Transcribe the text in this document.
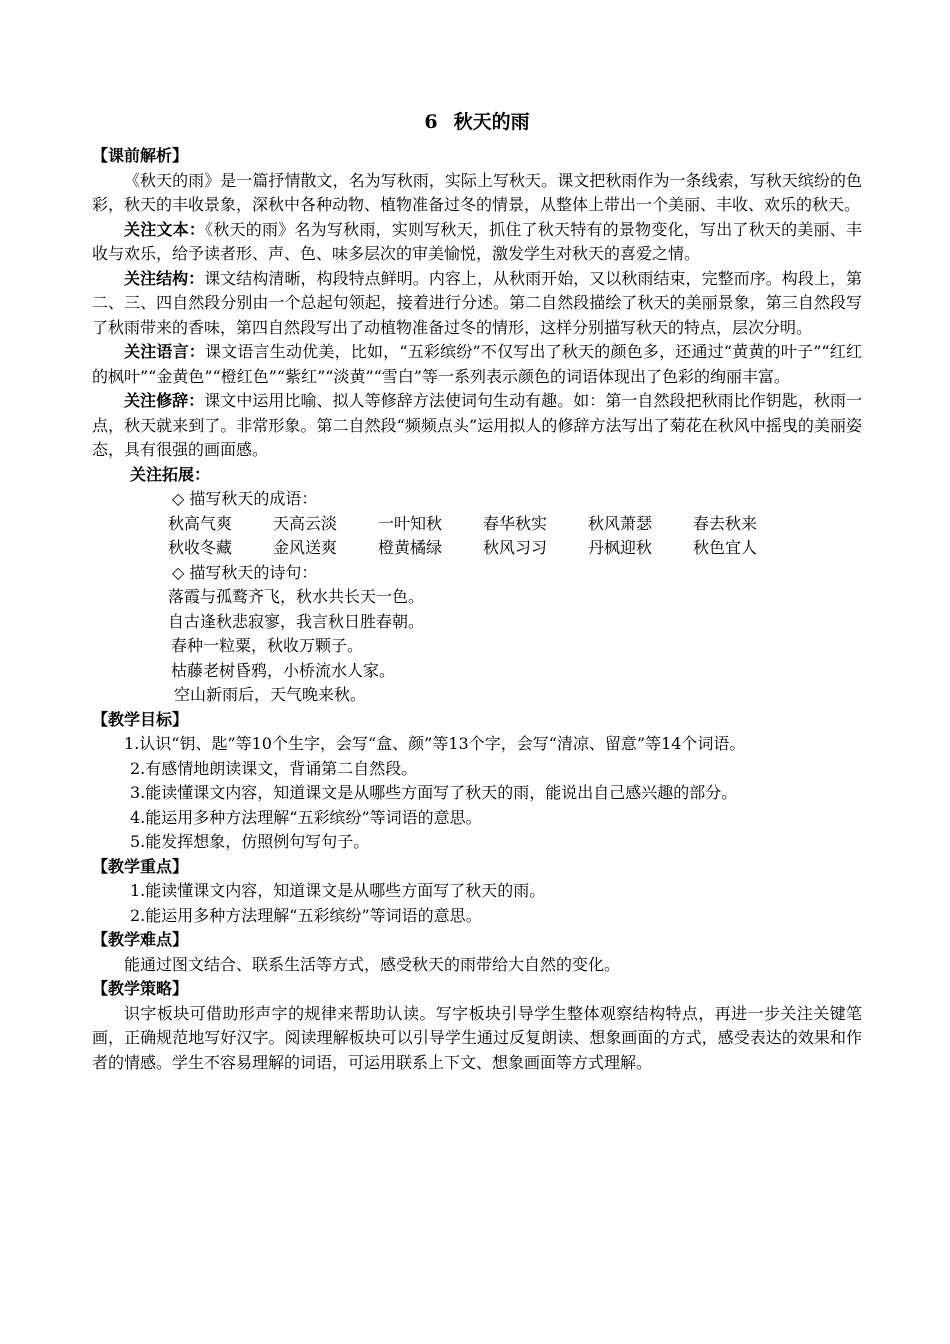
6 秋天的雨

【课前解析】

《秋天的雨》是一篇抒情散文，名为写秋雨，实际上写秋天。课文把秋雨作为一条线索，写秋天缤纷的色彩，秋天的丰收景象，深秋中各种动物、植物准备过冬的情景，从整体上带出一个美丽、丰收、欢乐的秋天。

关注文本：《秋天的雨》名为写秋雨，实则写秋天，抓住了秋天特有的景物变化，写出了秋天的美丽、丰收与欢乐，给予读者形、声、色、味多层次的审美愉悦，激发学生对秋天的喜爱之情。

关注结构：课文结构清晰，构段特点鲜明。内容上，从秋雨开始，又以秋雨结束，完整而序。构段上，第二、三、四自然段分别由一个总起句领起，接着进行分述。第二自然段描绘了秋天的美丽景象，第三自然段写了秋雨带来的香味，第四自然段写出了动植物准备过冬的情形，这样分别描写秋天的特点，层次分明。

关注语言：课文语言生动优美，比如，“五彩缤纷”不仅写出了秋天的颜色多，还通过“黄黄的叶子”“红红的枫叶”“金黄色”“橙红色”“紫红”“淡黄”“雪白”等一系列表示颜色的词语体现出了色彩的绚丽丰富。

关注修辞：课文中运用比喻、拟人等修辞方法使词句生动有趣。如：第一自然段把秋雨比作钥匙，秋雨一点，秋天就来到了。非常形象。第二自然段“频频点头”运用拟人的修辞方法写出了菊花在秋风中摇曳的美丽姿态，具有很强的画面感。

关注拓展：

◇ 描写秋天的成语：

秋高气爽	天高云淡	一叶知秋	春华秋实	秋风萧瑟	春去秋来
秋收冬藏	金风送爽	橙黄橘绿	秋风习习	丹枫迎秋	秋色宜人

◇ 描写秋天的诗句：

落霞与孤鹜齐飞，秋水共长天一色。

自古逢秋悲寂寥，我言秋日胜春朝。

春种一粒粟，秋收万颗子。

枯藤老树昏鸦，小桥流水人家。

空山新雨后，天气晚来秋。

【教学目标】

1.认识“钥、匙”等10个生字，会写“盒、颜”等13个字，会写“清凉、留意”等14个词语。

2.有感情地朗读课文，背诵第二自然段。

3.能读懂课文内容，知道课文是从哪些方面写了秋天的雨，能说出自己感兴趣的部分。

4.能运用多种方法理解“五彩缤纷”等词语的意思。

5.能发挥想象，仿照例句写句子。

【教学重点】

1.能读懂课文内容，知道课文是从哪些方面写了秋天的雨。

2.能运用多种方法理解“五彩缤纷”等词语的意思。

【教学难点】

能通过图文结合、联系生活等方式，感受秋天的雨带给大自然的变化。

【教学策略】

识字板块可借助形声字的规律来帮助认读。写字板块引导学生整体观察结构特点，再进一步关注关键笔画，正确规范地写好汉字。阅读理解板块可以引导学生通过反复朗读、想象画面的方式，感受表达的效果和作者的情感。学生不容易理解的词语，可运用联系上下文、想象画面等方式理解。
